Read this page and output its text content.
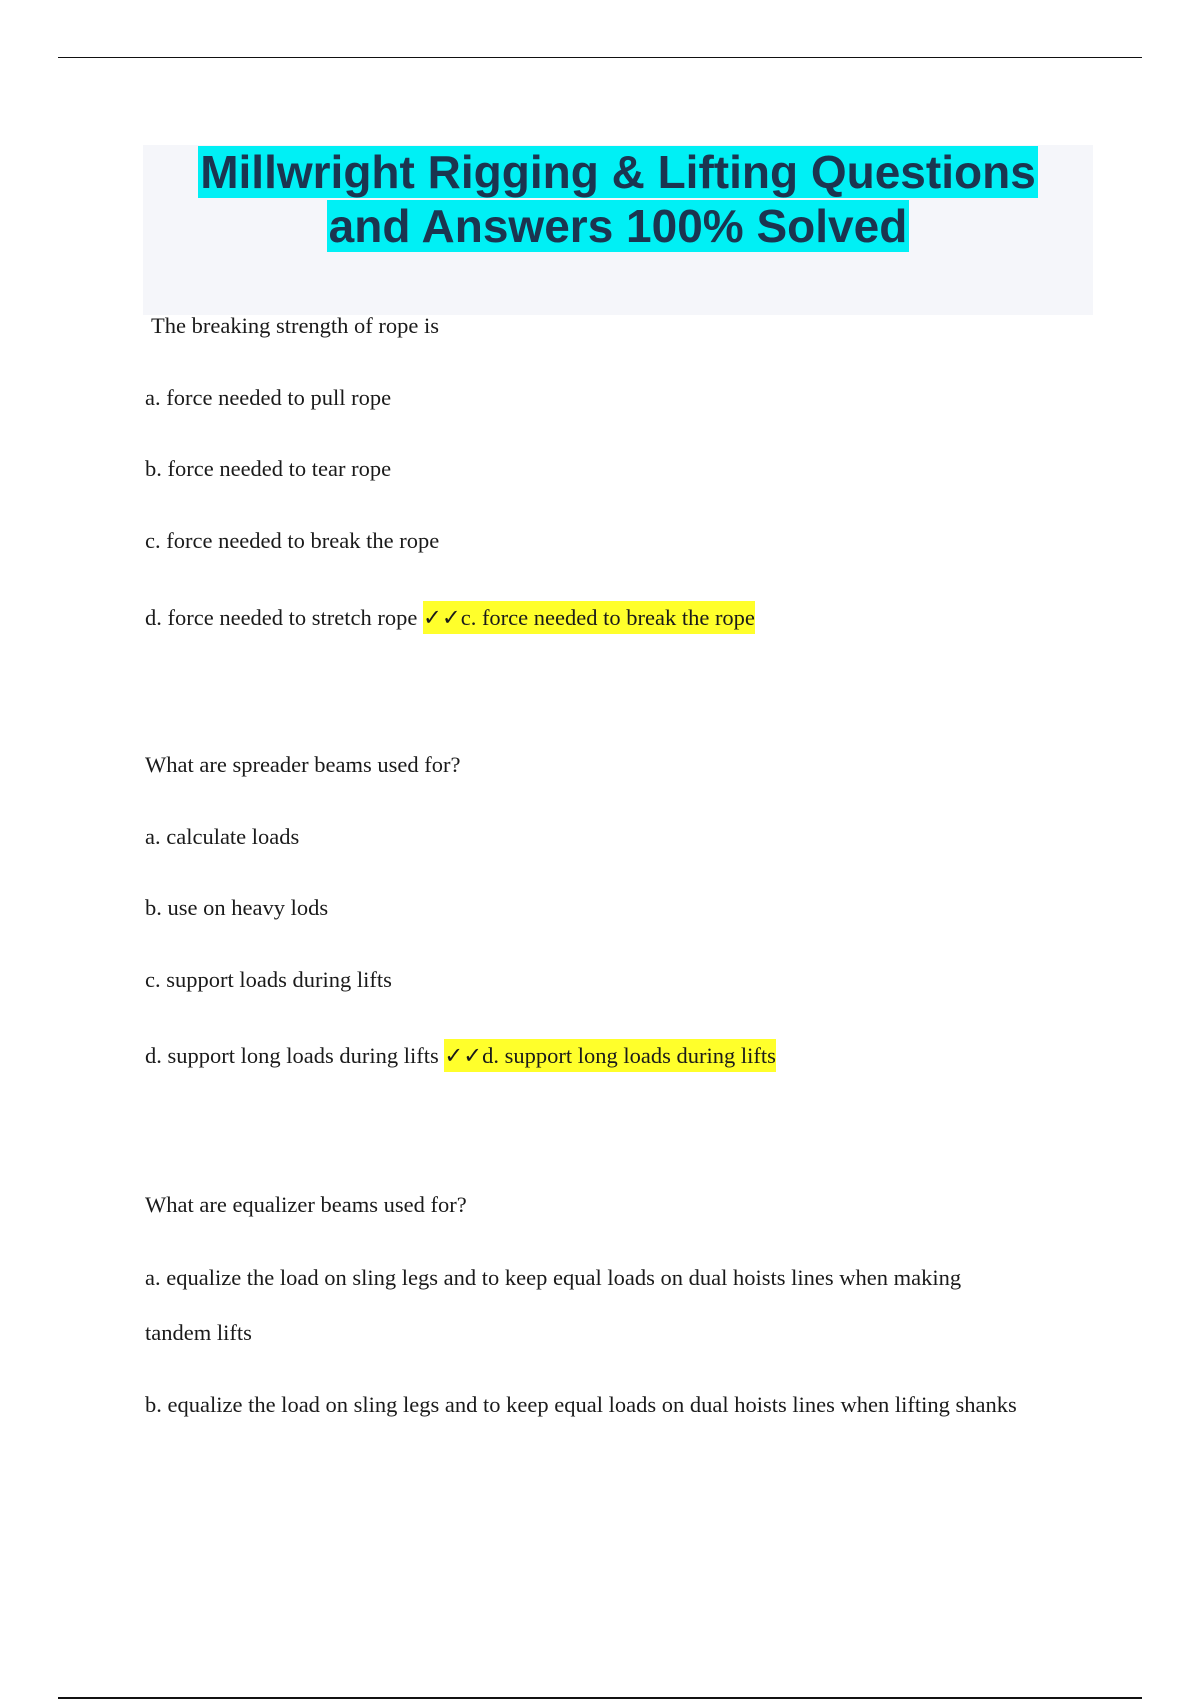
Millwright Rigging & Lifting Questions
and Answers 100% Solved
The breaking strength of rope is
a. force needed to pull rope
b. force needed to tear rope
c. force needed to break the rope
d. force needed to stretch rope ✓✓c. force needed to break the rope
What are spreader beams used for?
a. calculate loads
b. use on heavy lods
c. support loads during lifts
d. support long loads during lifts ✓✓d. support long loads during lifts
What are equalizer beams used for?
a. equalize the load on sling legs and to keep equal loads on dual hoists lines when making
tandem lifts
b. equalize the load on sling legs and to keep equal loads on dual hoists lines when lifting shanks
